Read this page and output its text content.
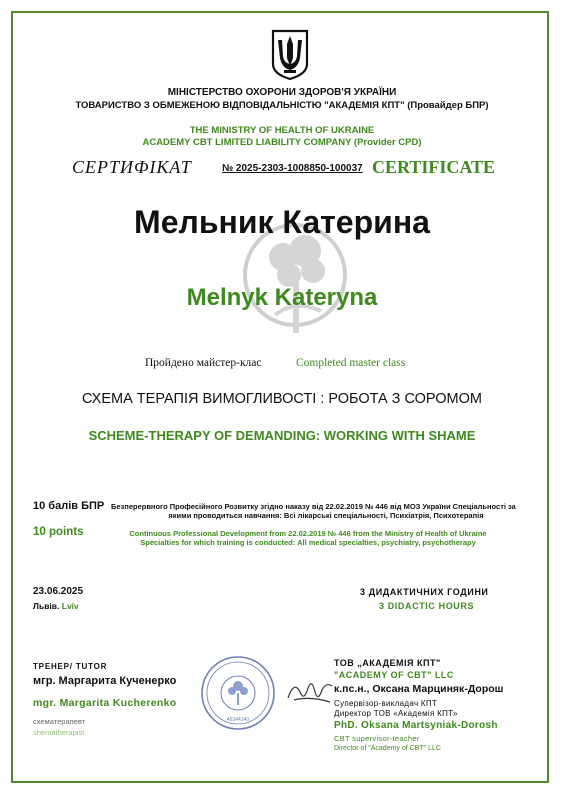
МІНІСТЕРСТВО ОХОРОНИ ЗДОРОВ'Я УКРАЇНИ
ТОВАРИСТВО З ОБМЕЖЕНОЮ ВІДПОВІДАЛЬНІСТЮ "АКАДЕМІЯ КПТ" (Провайдер БПР)
THE MINISTRY OF HEALTH OF UKRAINE
ACADEMY CBT LIMITED LIABILITY COMPANY (Provider CPD)
СЕРТИФІКАТ	№ 2025-2303-1008850-100037 CERTIFICATE
Мельник Катерина
Melnyk Kateryna
Пройдено майстер-клас	Completed master class
СХЕМА ТЕРАПІЯ ВИМОГЛИВОСТІ : РОБОТА З СОРОМОМ
SCHEME-THERAPY OF DEMANDING: WORKING WITH SHAME
10 балів БПР Безперервного Професійного Розвитку згідно наказу від 22.02.2019 № 446 від МОЗ України Спеціальності за
якими проводиться навчання: Всі лікарські спеціальності, Психіатрія, Психотерапія
10 points	Continuous Professional Development from 22.02.2019 № 446 from the Ministry of Health of Ukraine
Specialties for which training is conducted: All medical specialties, psychiatry, psychotherapy
23.06.2025
Львів. Lviv
3 ДИДАКТИЧНИХ ГОДИНИ
3 DIDACTIC HOURS
ТРЕНЕР/ TUTOR
мгр. Маргарита Кученерко
mgr. Margarita Kucherenko
схематерапевт
shematherapist
45344140
ТОВ „АКАДЕМІЯ КПТ"
"ACADEMY OF CBT" LLC
к.пс.н., Оксана Марциняк-Дорош
Супервізор-викладач КПТ
Директор ТОВ «Академія КПТ»
PhD. Oksana Martsyniak-Dorosh
CBT supervisor-teacher
Director of "Academy of CBT" LLC
